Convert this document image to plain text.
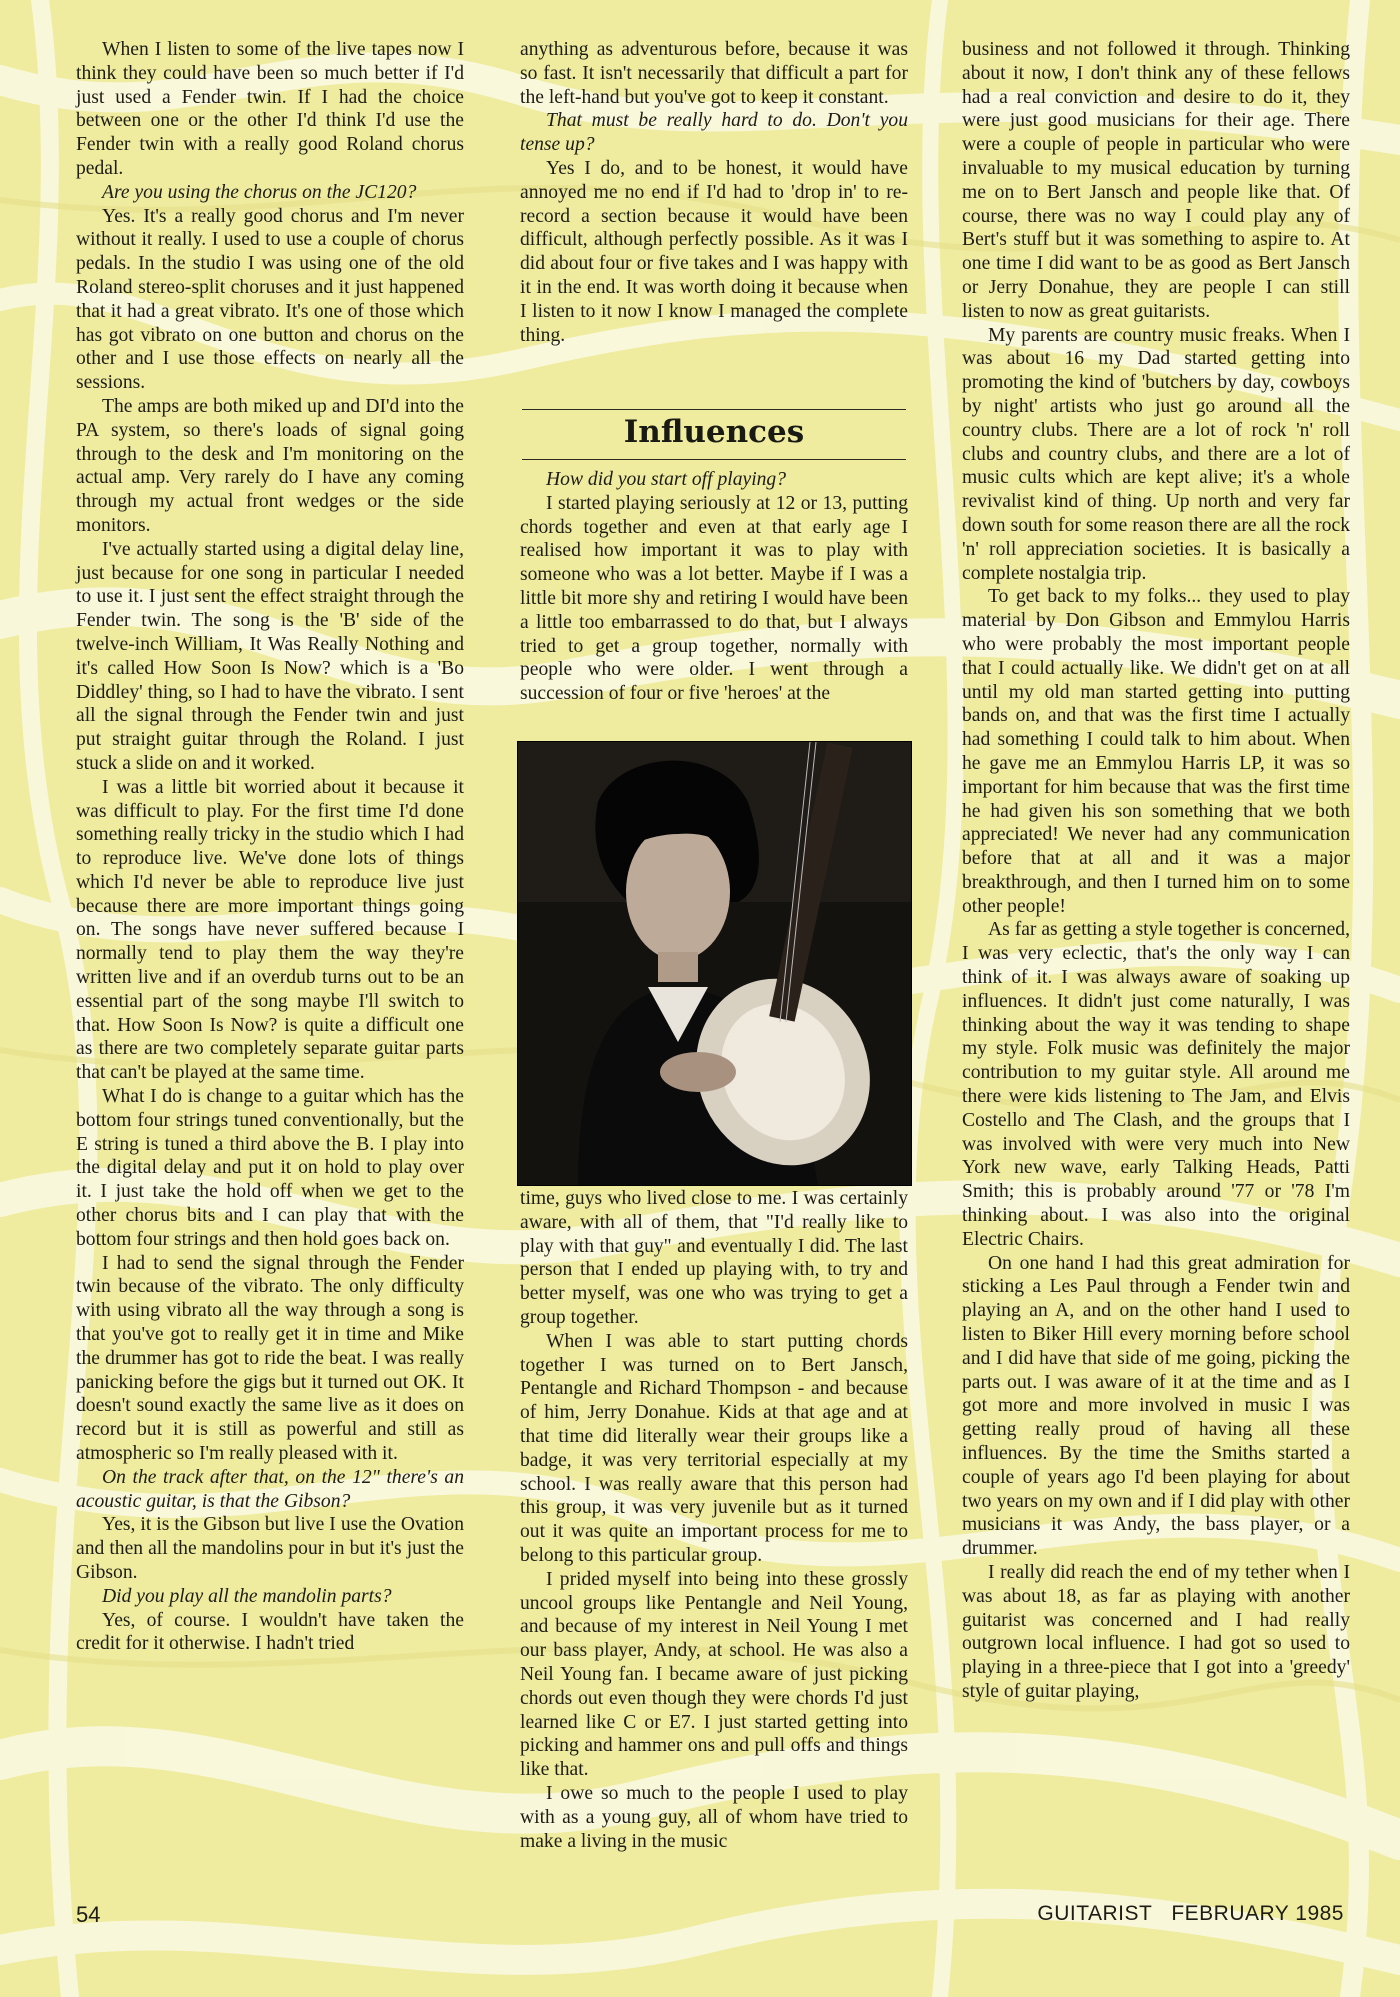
When I listen to some of the live tapes now I think they could have been so much better if I'd just used a Fender twin. If I had the choice between one or the other I'd think I'd use the Fender twin with a really good Roland chorus pedal.

Are you using the chorus on the JC120?

Yes. It's a really good chorus and I'm never without it really. I used to use a couple of chorus pedals. In the studio I was using one of the old Roland stereo-split choruses and it just happened that it had a great vibrato. It's one of those which has got vibrato on one button and chorus on the other and I use those effects on nearly all the sessions.

The amps are both miked up and DI'd into the PA system, so there's loads of signal going through to the desk and I'm monitoring on the actual amp. Very rarely do I have any coming through my actual front wedges or the side monitors.

I've actually started using a digital delay line, just because for one song in particular I needed to use it. I just sent the effect straight through the Fender twin. The song is the 'B' side of the twelve-inch William, It Was Really Nothing and it's called How Soon Is Now? which is a 'Bo Diddley' thing, so I had to have the vibrato. I sent all the signal through the Fender twin and just put straight guitar through the Roland. I just stuck a slide on and it worked.

I was a little bit worried about it because it was difficult to play. For the first time I'd done something really tricky in the studio which I had to reproduce live. We've done lots of things which I'd never be able to reproduce live just because there are more important things going on. The songs have never suffered because I normally tend to play them the way they're written live and if an overdub turns out to be an essential part of the song maybe I'll switch to that. How Soon Is Now? is quite a difficult one as there are two completely separate guitar parts that can't be played at the same time.

What I do is change to a guitar which has the bottom four strings tuned conventionally, but the E string is tuned a third above the B. I play into the digital delay and put it on hold to play over it. I just take the hold off when we get to the other chorus bits and I can play that with the bottom four strings and then hold goes back on.

I had to send the signal through the Fender twin because of the vibrato. The only difficulty with using vibrato all the way through a song is that you've got to really get it in time and Mike the drummer has got to ride the beat. I was really panicking before the gigs but it turned out OK. It doesn't sound exactly the same live as it does on record but it is still as powerful and still as atmospheric so I'm really pleased with it.

On the track after that, on the 12" there's an acoustic guitar, is that the Gibson?

Yes, it is the Gibson but live I use the Ovation and then all the mandolins pour in but it's just the Gibson.

Did you play all the mandolin parts?

Yes, of course. I wouldn't have taken the credit for it otherwise. I hadn't tried

anything as adventurous before, because it was so fast. It isn't necessarily that difficult a part for the left-hand but you've got to keep it constant.

That must be really hard to do. Don't you tense up?

Yes I do, and to be honest, it would have annoyed me no end if I'd had to 'drop in' to re-record a section because it would have been difficult, although perfectly possible. As it was I did about four or five takes and I was happy with it in the end. It was worth doing it because when I listen to it now I know I managed the complete thing.

Influences

How did you start off playing?

I started playing seriously at 12 or 13, putting chords together and even at that early age I realised how important it was to play with someone who was a lot better. Maybe if I was a little bit more shy and retiring I would have been a little too embarrassed to do that, but I always tried to get a group together, normally with people who were older. I went through a succession of four or five 'heroes' at the

time, guys who lived close to me. I was certainly aware, with all of them, that "I'd really like to play with that guy" and eventually I did. The last person that I ended up playing with, to try and better myself, was one who was trying to get a group together.

When I was able to start putting chords together I was turned on to Bert Jansch, Pentangle and Richard Thompson - and because of him, Jerry Donahue. Kids at that age and at that time did literally wear their groups like a badge, it was very territorial especially at my school. I was really aware that this person had this group, it was very juvenile but as it turned out it was quite an important process for me to belong to this particular group.

I prided myself into being into these grossly uncool groups like Pentangle and Neil Young, and because of my interest in Neil Young I met our bass player, Andy, at school. He was also a Neil Young fan. I became aware of just picking chords out even though they were chords I'd just learned like C or E7. I just started getting into picking and hammer ons and pull offs and things like that.

I owe so much to the people I used to play with as a young guy, all of whom have tried to make a living in the music

business and not followed it through. Thinking about it now, I don't think any of these fellows had a real conviction and desire to do it, they were just good musicians for their age. There were a couple of people in particular who were invaluable to my musical education by turning me on to Bert Jansch and people like that. Of course, there was no way I could play any of Bert's stuff but it was something to aspire to. At one time I did want to be as good as Bert Jansch or Jerry Donahue, they are people I can still listen to now as great guitarists.

My parents are country music freaks. When I was about 16 my Dad started getting into promoting the kind of 'butchers by day, cowboys by night' artists who just go around all the country clubs. There are a lot of rock 'n' roll clubs and country clubs, and there are a lot of music cults which are kept alive; it's a whole revivalist kind of thing. Up north and very far down south for some reason there are all the rock 'n' roll appreciation societies. It is basically a complete nostalgia trip.

To get back to my folks... they used to play material by Don Gibson and Emmylou Harris who were probably the most important people that I could actually like. We didn't get on at all until my old man started getting into putting bands on, and that was the first time I actually had something I could talk to him about. When he gave me an Emmylou Harris LP, it was so important for him because that was the first time he had given his son something that we both appreciated! We never had any communication before that at all and it was a major breakthrough, and then I turned him on to some other people!

As far as getting a style together is concerned, I was very eclectic, that's the only way I can think of it. I was always aware of soaking up influences. It didn't just come naturally, I was thinking about the way it was tending to shape my style. Folk music was definitely the major contribution to my guitar style. All around me there were kids listening to The Jam, and Elvis Costello and The Clash, and the groups that I was involved with were very much into New York new wave, early Talking Heads, Patti Smith; this is probably around '77 or '78 I'm thinking about. I was also into the original Electric Chairs.

On one hand I had this great admiration for sticking a Les Paul through a Fender twin and playing an A, and on the other hand I used to listen to Biker Hill every morning before school and I did have that side of me going, picking the parts out. I was aware of it at the time and as I got more and more involved in music I was getting really proud of having all these influences. By the time the Smiths started a couple of years ago I'd been playing for about two years on my own and if I did play with other musicians it was Andy, the bass player, or a drummer.

I really did reach the end of my tether when I was about 18, as far as playing with another guitarist was concerned and I had really outgrown local influence. I had got so used to playing in a three-piece that I got into a 'greedy' style of guitar playing,

54	GUITARIST FEBRUARY 1985
